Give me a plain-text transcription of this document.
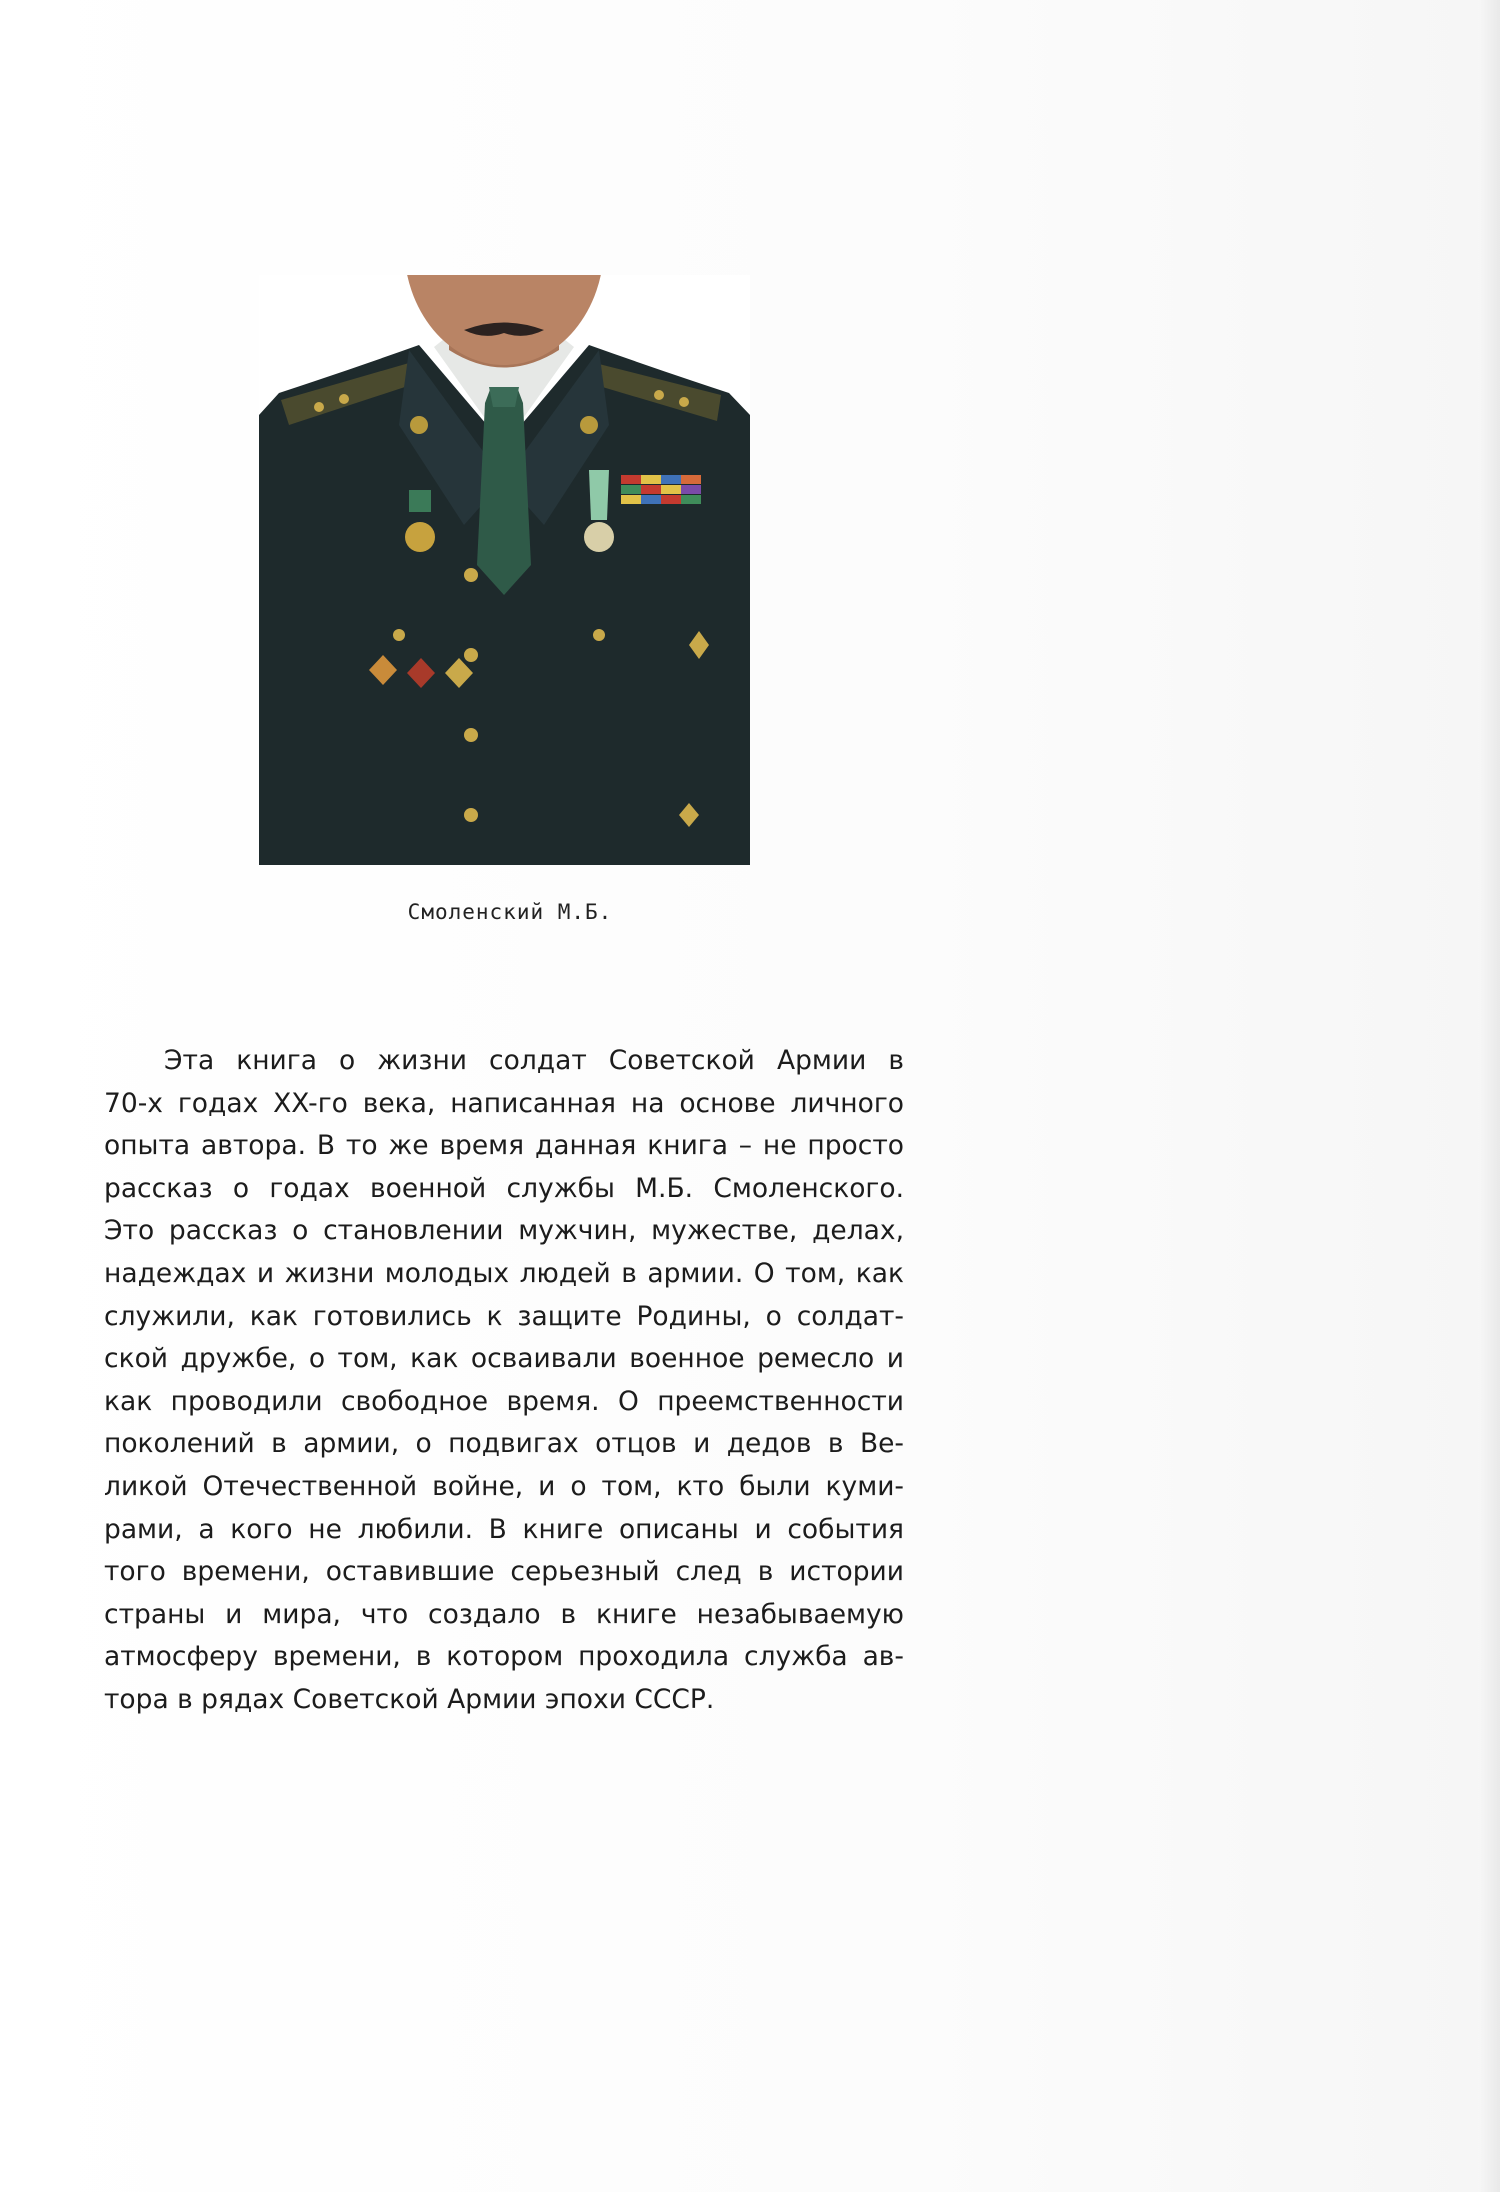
Смоленский М.Б.
Эта книга о жизни солдат Советской Армии в
70-х годах XX-го века, написанная на основе личного
опыта автора. В то же время данная книга – не просто
рассказ о годах военной службы М.Б. Смоленского.
Это рассказ о становлении мужчин, мужестве, делах,
надеждах и жизни молодых людей в армии. О том, как
служили, как готовились к защите Родины, о солдат-
ской дружбе, о том, как осваивали военное ремесло и
как проводили свободное время. О преемственности
поколений в армии, о подвигах отцов и дедов в Ве-
ликой Отечественной войне, и о том, кто были куми-
рами, а кого не любили. В книге описаны и события
того времени, оставившие серьезный след в истории
страны и мира, что создало в книге незабываемую
атмосферу времени, в котором проходила служба ав-
тора в рядах Советской Армии эпохи СССР.
